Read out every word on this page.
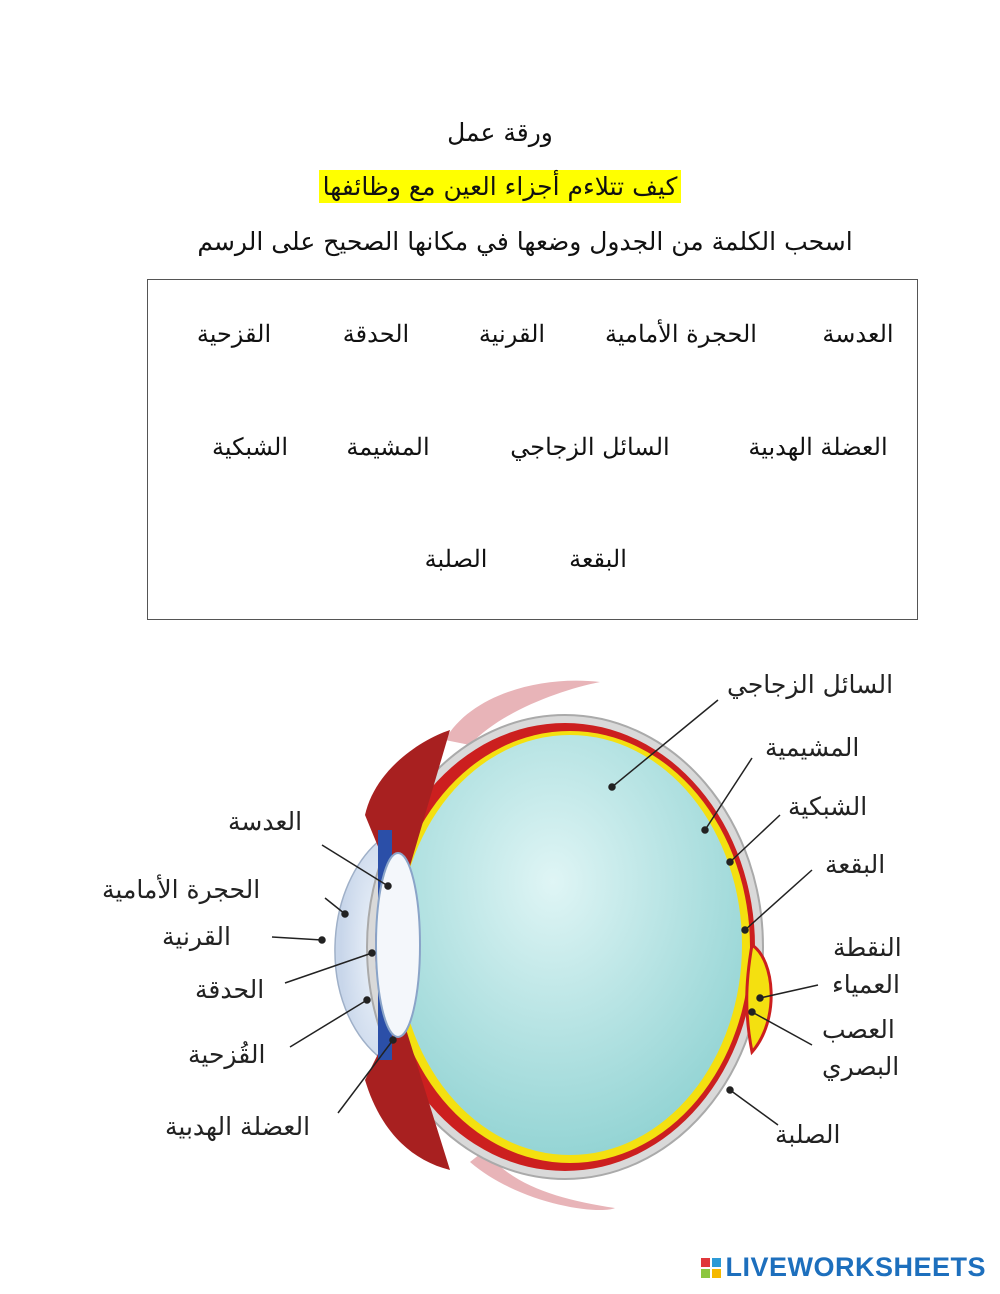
ورقة عمل
كيف تتلاءم أجزاء العين مع وظائفها
اسحب الكلمة من الجدول وضعها في مكانها الصحيح على الرسم
العدسة
الحجرة الأمامية
القرنية
الحدقة
القزحية
العضلة الهدبية
السائل الزجاجي
المشيمة
الشبكية
البقعة
الصلبة
العدسة
الحجرة الأمامية
القرنية
الحدقة
القُزحية
العضلة الهدبية
السائل الزجاجي
المشيمية
الشبكية
البقعة
النقطة
العمياء
العصب
البصري
الصلبة
LIVEWORKSHEETS
